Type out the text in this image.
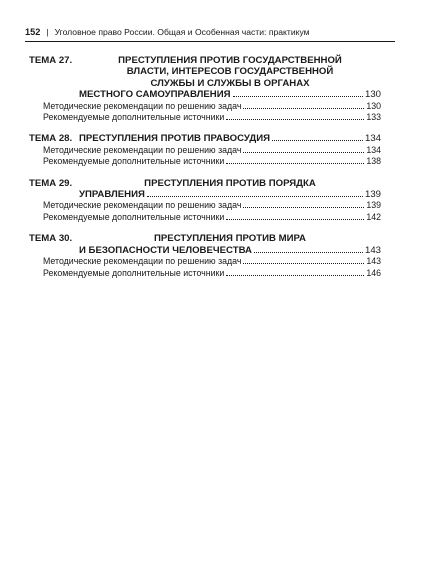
152 | Уголовное право России. Общая и Особенная части: практикум
ТЕМА 27.	ПРЕСТУПЛЕНИЯ ПРОТИВ ГОСУДАРСТВЕННОЙ
ВЛАСТИ, ИНТЕРЕСОВ ГОСУДАРСТВЕННОЙ
СЛУЖБЫ И СЛУЖБЫ В ОРГАНАХ
МЕСТНОГО САМОУПРАВЛЕНИЯ	130
Методические рекомендации по решению задач	130
Рекомендуемые дополнительные источники	133
ТЕМА 28. ПРЕСТУПЛЕНИЯ ПРОТИВ ПРАВОСУДИЯ	134
Методические рекомендации по решению задач	134
Рекомендуемые дополнительные источники	138
ТЕМА 29.	ПРЕСТУПЛЕНИЯ ПРОТИВ ПОРЯДКА
УПРАВЛЕНИЯ	139
Методические рекомендации по решению задач	139
Рекомендуемые дополнительные источники	142
ТЕМА 30.	ПРЕСТУПЛЕНИЯ ПРОТИВ МИРА
И БЕЗОПАСНОСТИ ЧЕЛОВЕЧЕСТВА	143
Методические рекомендации по решению задач	143
Рекомендуемые дополнительные источники	146
